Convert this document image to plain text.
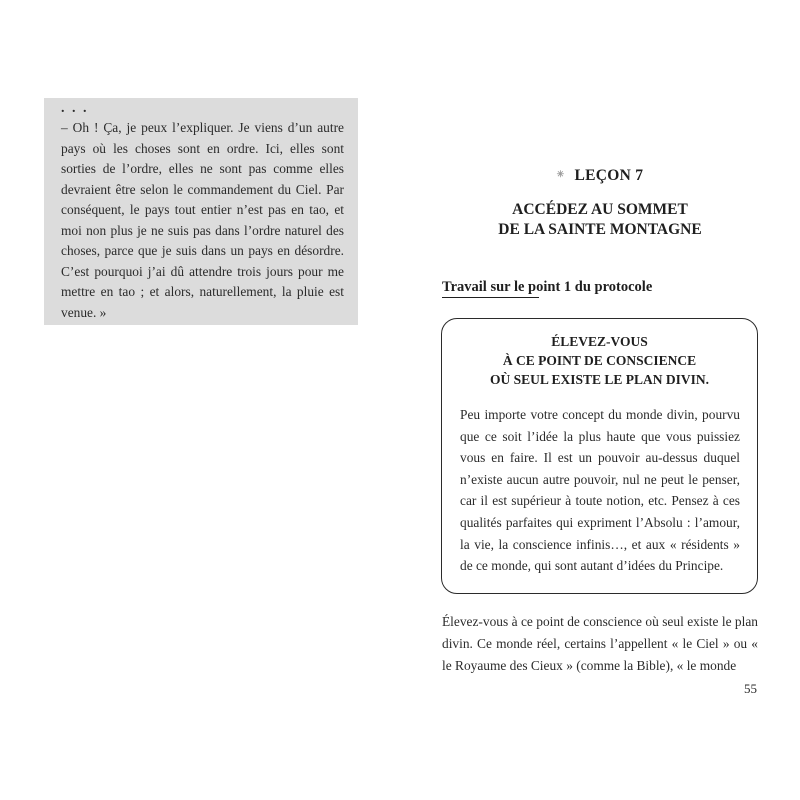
. . .
– Oh ! Ça, je peux l’expliquer. Je viens d’un autre pays où les choses sont en ordre. Ici, elles sont sorties de l’ordre, elles ne sont pas comme elles devraient être selon le commandement du Ciel. Par conséquent, le pays tout entier n’est pas en tao, et moi non plus je ne suis pas dans l’ordre naturel des choses, parce que je suis dans un pays en désordre. C’est pourquoi j’ai dû attendre trois jours pour me mettre en tao ; et alors, naturellement, la pluie est venue. »
✳ LEÇON 7
ACCÉDEZ AU SOMMET
DE LA SAINTE MONTAGNE
Travail sur le point 1 du protocole
ÉLEVEZ-VOUS
À CE POINT DE CONSCIENCE
OÙ SEUL EXISTE LE PLAN DIVIN.
Peu importe votre concept du monde divin, pourvu que ce soit l’idée la plus haute que vous puissiez vous en faire. Il est un pouvoir au-dessus duquel n’existe aucun autre pouvoir, nul ne peut le penser, car il est supérieur à toute notion, etc. Pensez à ces qualités parfaites qui expriment l’Absolu : l’amour, la vie, la conscience infinis…, et aux « résidents » de ce monde, qui sont autant d’idées du Principe.
Élevez-vous à ce point de conscience où seul existe le plan divin. Ce monde réel, certains l’appellent « le Ciel » ou « le Royaume des Cieux » (comme la Bible), « le monde
55
